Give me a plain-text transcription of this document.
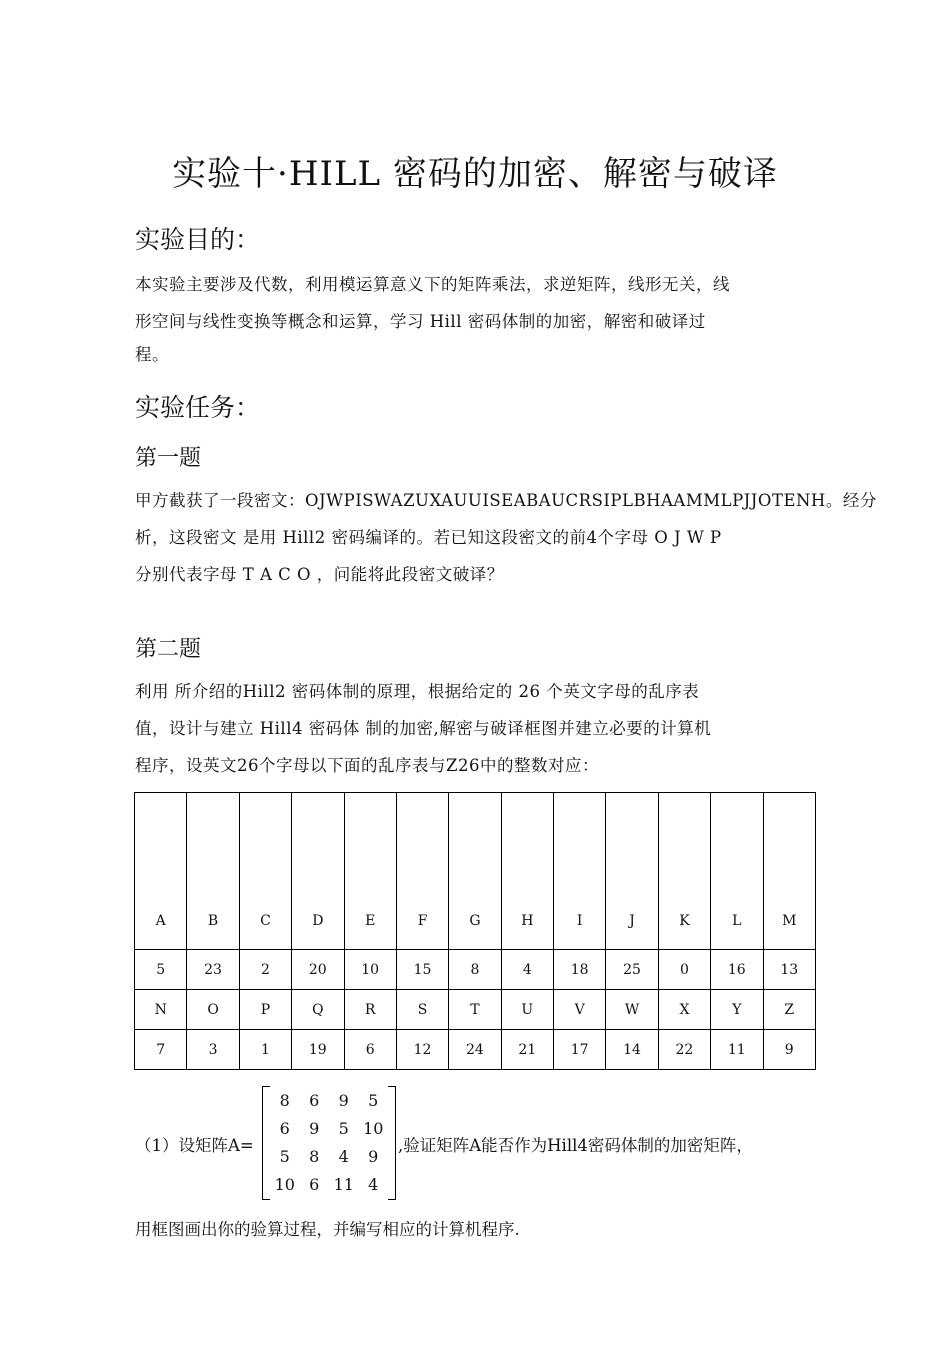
实验十·HILL 密码的加密、解密与破译
实验目的：

本实验主要涉及代数，利用模运算意义下的矩阵乘法，求逆矩阵，线形无关，线

形空间与线性变换等概念和运算，学习 Hill 密码体制的加密，解密和破译过

程。

实验任务：
第一题

甲方截获了一段密文：OJWPISWAZUXAUUISEABAUCRSIPLBHAAMMLPJJOTENH。经分

析，这段密文 是用 Hill2 密码编译的。若已知这段密文的前4个字母 O J W P

分别代表字母 T A C O ，问能将此段密文破译？

第二题

利用 所介绍的Hill2 密码体制的原理，根据给定的 26 个英文字母的乱序表

值，设计与建立 Hill4 密码体 制的加密,解密与破译框图并建立必要的计算机

程序，设英文26个字母以下面的乱序表与Z26中的整数对应：

A	B	C	D	E	F	G	H	I	J	K	L	M
5	23	2	20	10	15	8	4	18	25	0	16	13
N	O	P	Q	R	S	T	U	V	W	X	Y	Z
7	3	1	19	6	12	24	21	17	14	22	11	9
（1）设矩阵A=
8	6	9	5
6	9	5 10
5	8	4	9
10 6 11 4
,验证矩阵A能否作为Hill4密码体制的加密矩阵，
用框图画出你的验算过程，并编写相应的计算机程序.
